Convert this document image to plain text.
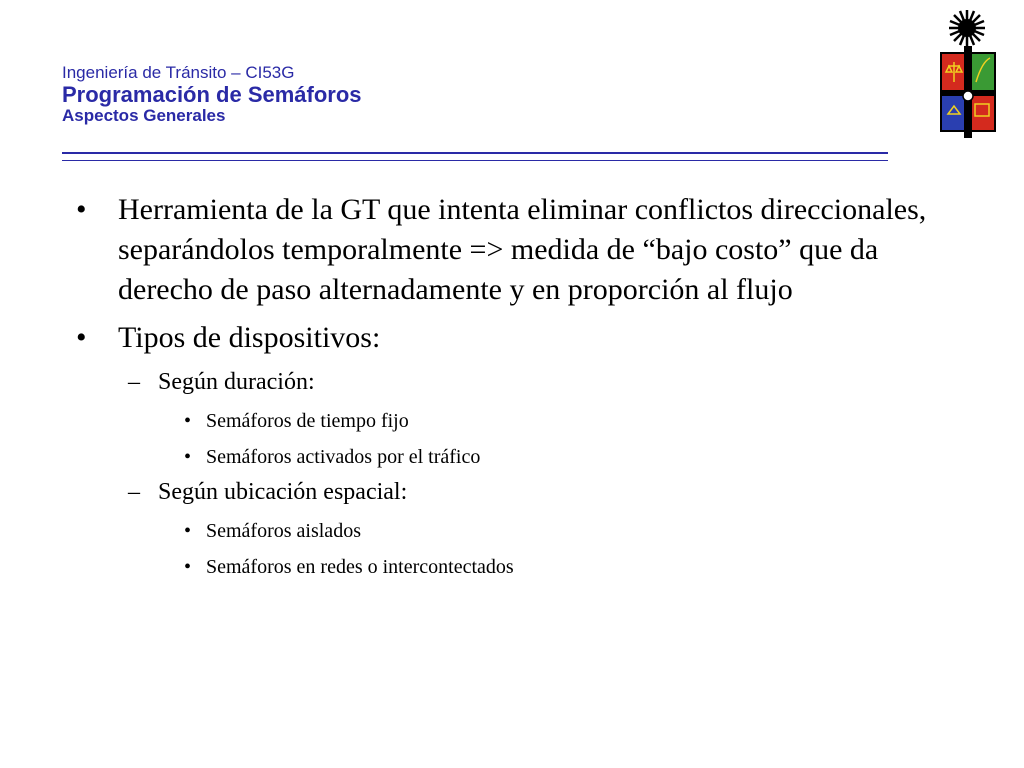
Ingeniería de Tránsito – CI53G
Programación de Semáforos
Aspectos Generales
• Herramienta de la GT que intenta eliminar conflictos direccionales, separándolos temporalmente => medida de “bajo costo” que da derecho de paso alternadamente y en proporción al flujo
• Tipos de dispositivos:
– Según duración:
• Semáforos de tiempo fijo
• Semáforos activados por el tráfico
– Según ubicación espacial:
• Semáforos aislados
• Semáforos en redes o intercontectados
